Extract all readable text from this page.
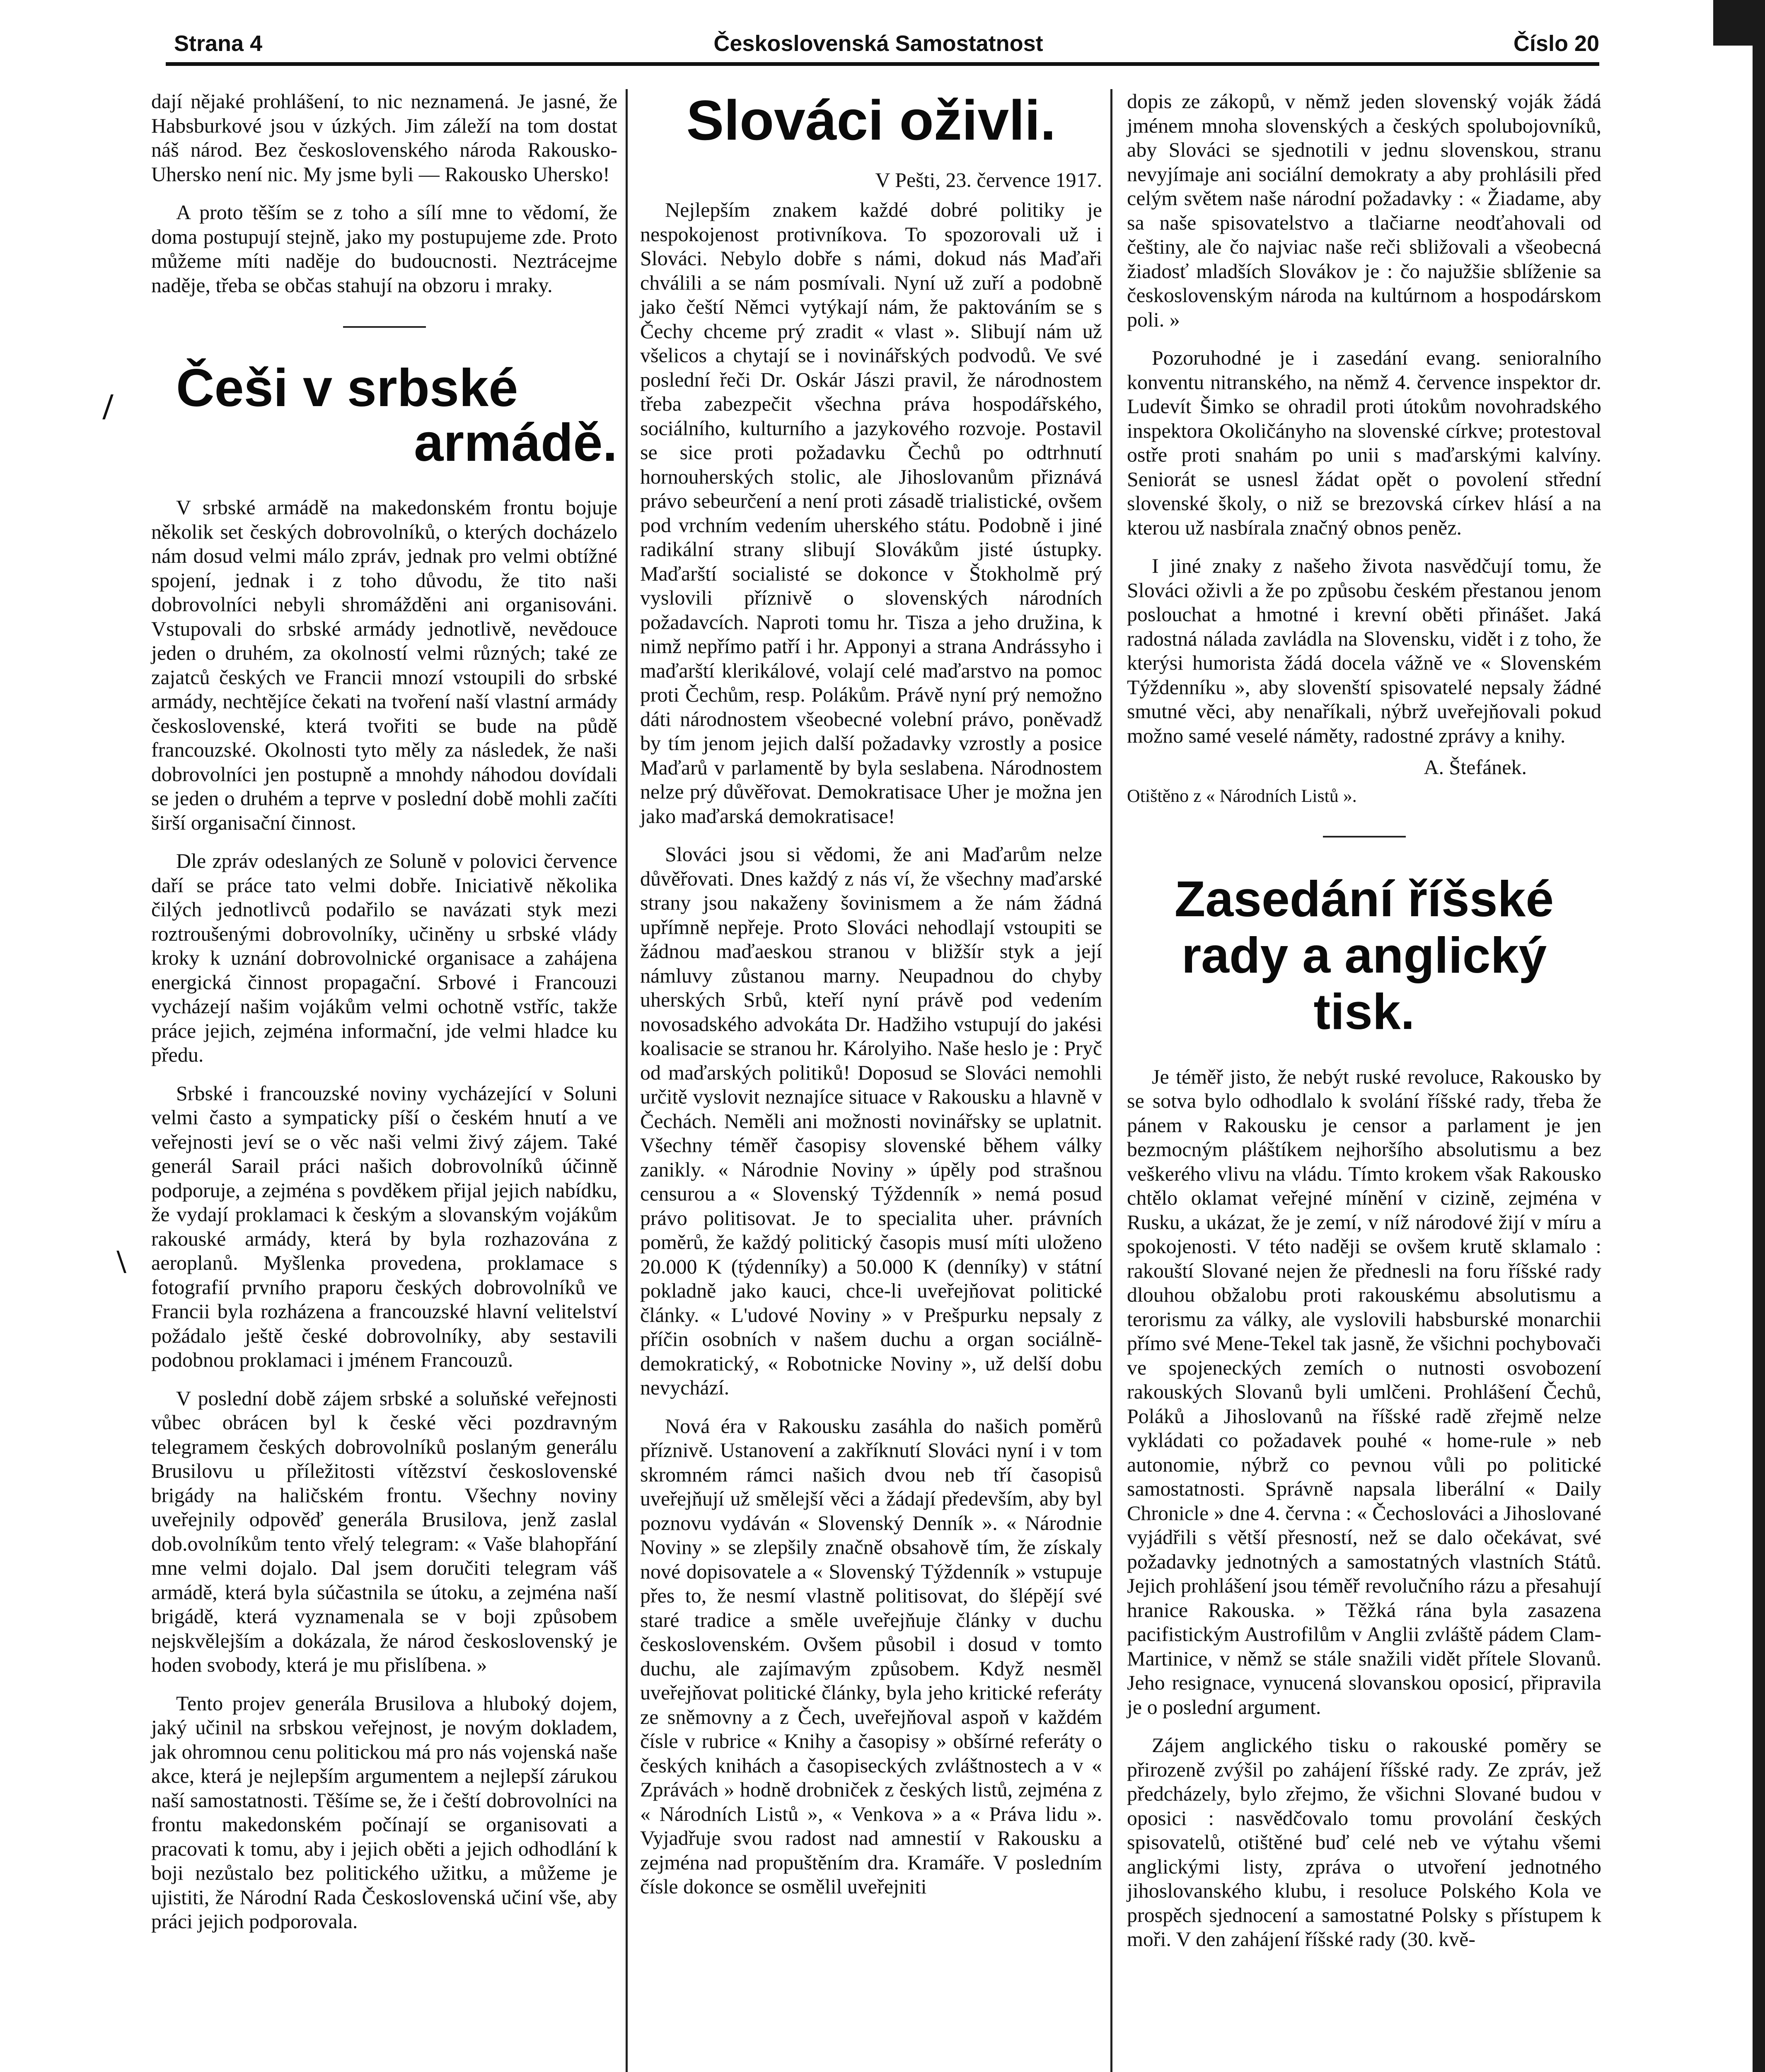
Strana 4	Československá Samostatnost	Číslo 20
/
\

dají nějaké prohlášení, to nic neznamená. Je jasné, že Habsburkové jsou v úzkých. Jim záleží na tom dostat náš národ. Bez československého národa Rakousko-Uhersko není nic. My jsme byli — Rakousko Uhersko!

A proto těším se z toho a sílí mne to vědomí, že doma postupují stejně, jako my postupujeme zde. Proto můžeme míti naděje do budoucnosti. Neztrácejme naděje, třeba se občas stahují na obzoru i mraky.

Češi v srbské
armádě.

V srbské armádě na makedonském frontu bojuje několik set českých dobrovolníků, o kterých docházelo nám dosud velmi málo zpráv, jednak pro velmi obtížné spojení, jednak i z toho důvodu, že tito naši dobrovolníci nebyli shromážděni ani organisováni. Vstupovali do srbské armády jednotlivě, nevědouce jeden o druhém, za okolností velmi různých; také ze zajatců českých ve Francii mnozí vstoupili do srbské armády, nechtějíce čekati na tvoření naší vlastní armády československé, která tvořiti se bude na půdě francouzské. Okolnosti tyto měly za následek, že naši dobrovolníci jen postupně a mnohdy náhodou dovídali se jeden o druhém a teprve v poslední době mohli začíti širší organisační činnost.

Dle zpráv odeslaných ze Soluně v polovici července daří se práce tato velmi dobře. Iniciativě několika čilých jednotlivců podařilo se navázati styk mezi roztroušenými dobrovolníky, učiněny u srbské vlády kroky k uznání dobrovolnické organisace a zahájena energická činnost propagační. Srbové i Francouzi vycházejí našim vojákům velmi ochotně vstříc, takže práce jejich, zejména informační, jde velmi hladce ku předu.

Srbské i francouzské noviny vycházející v Soluni velmi často a sympaticky píší o českém hnutí a ve veřejnosti jeví se o věc naši velmi živý zájem. Také generál Sarail práci našich dobrovolníků účinně podporuje, a zejména s povděkem přijal jejich nabídku, že vydají proklamaci k českým a slovanským vojákům rakouské armády, která by byla rozhazována z aeroplanů. Myšlenka provedena, proklamace s fotografií prvního praporu českých dobrovolníků ve Francii byla rozházena a francouzské hlavní velitelství požádalo ještě české dobrovolníky, aby sestavili podobnou proklamaci i jménem Francouzů.

V poslední době zájem srbské a soluňské veřejnosti vůbec obrácen byl k české věci pozdravným telegramem českých dobrovolníků poslaným generálu Brusilovu u příležitosti vítězství československé brigády na haličském frontu. Všechny noviny uveřejnily odpověď generála Brusilova, jenž zaslal dob.ovolníkům tento vřelý telegram: « Vaše blahopřání mne velmi dojalo. Dal jsem doručiti telegram váš armádě, která byla súčastnila se útoku, a zejména naší brigádě, která vyznamenala se v boji způsobem nejskvělejším a dokázala, že národ československý je hoden svobody, která je mu přislíbena. »

Tento projev generála Brusilova a hluboký dojem, jaký učinil na srbskou veřejnost, je novým dokladem, jak ohromnou cenu politickou má pro nás vojenská naše akce, která je nejlepším argumentem a nejlepší zárukou naší samostatnosti. Těšíme se, že i čeští dobrovolníci na frontu makedonském počínají se organisovati a pracovati k tomu, aby i jejich oběti a jejich odhodlání k boji nezůstalo bez politického užitku, a můžeme je ujistiti, že Národní Rada Československá učiní vše, aby práci jejich podporovala.

Slováci oživli.
V Pešti, 23. července 1917.

Nejlepším znakem každé dobré politiky je nespokojenost protivníkova. To spozorovali už i Slováci. Nebylo dobře s námi, dokud nás Maďaři chválili a se nám posmívali. Nyní už zuří a podobně jako čeští Němci vytýkají nám, že paktováním se s Čechy chceme prý zradit « vlast ». Slibují nám už všelicos a chytají se i novinářských podvodů. Ve své poslední řeči Dr. Oskár Jászi pravil, že národnostem třeba zabezpečit všechna práva hospodářského, sociálního, kulturního a jazykového rozvoje. Postavil se sice proti požadavku Čechů po odtrhnutí hornouherských stolic, ale Jihoslovanům přiznává právo sebeurčení a není proti zásadě trialistické, ovšem pod vrchním vedením uherského státu. Podobně i jiné radikální strany slibují Slovákům jisté ústupky. Maďarští socialisté se dokonce v Štokholmě prý vyslovili příznivě o slovenských národních požadavcích. Naproti tomu hr. Tisza a jeho družina, k nimž nepřímo patří i hr. Apponyi a strana Andrássyho i maďarští klerikálové, volají celé maďarstvo na pomoc proti Čechům, resp. Polákům. Právě nyní prý nemožno dáti národnostem všeobecné volební právo, poněvadž by tím jenom jejich další požadavky vzrostly a posice Maďarů v parlamentě by byla seslabena. Národnostem nelze prý důvěřovat. Demokratisace Uher je možna jen jako maďarská demokratisace!

Slováci jsou si vědomi, že ani Maďarům nelze důvěřovati. Dnes každý z nás ví, že všechny maďarské strany jsou nakaženy šovinismem a že nám žádná upřímně nepřeje. Proto Slováci nehodlají vstoupiti se žádnou maďaeskou stranou v bližšír styk a její námluvy zůstanou marny. Neupadnou do chyby uherských Srbů, kteří nyní právě pod vedením novosadského advokáta Dr. Hadžiho vstupují do jakési koalisacie se stranou hr. Károlyiho. Naše heslo je : Pryč od maďarských politiků! Doposud se Slováci nemohli určitě vyslovit neznajíce situace v Rakousku a hlavně v Čechách. Neměli ani možnosti novinářsky se uplatnit. Všechny téměř časopisy slovenské během války zanikly. « Národnie Noviny » úpěly pod strašnou censurou a « Slovenský Týždenník » nemá posud právo politisovat. Je to specialita uher. právních poměrů, že každý politický časopis musí míti uloženo 20.000 K (týdenníky) a 50.000 K (denníky) v státní pokladně jako kauci, chce-li uveřejňovat politické články. « L'udové Noviny » v Prešpurku nepsaly z příčin osobních v našem duchu a organ sociálně-demokratický, « Robotnicke Noviny », už delší dobu nevychází.

Nová éra v Rakousku zasáhla do našich poměrů příznivě. Ustanovení a zakříknutí Slováci nyní i v tom skromném rámci našich dvou neb tří časopisů uveřejňují už smělejší věci a žádají především, aby byl poznovu vydáván « Slovenský Denník ». « Národnie Noviny » se zlepšily značně obsahově tím, že získaly nové dopisovatele a « Slovenský Týždenník » vstupuje přes to, že nesmí vlastně politisovat, do šlépějí své staré tradice a směle uveřejňuje články v duchu československém. Ovšem působil i dosud v tomto duchu, ale zajímavým způsobem. Když nesměl uveřejňovat politické články, byla jeho kritické referáty ze sněmovny a z Čech, uveřejňoval aspoň v každém čísle v rubrice « Knihy a časopisy » obšírné referáty o českých knihách a časopiseckých zvláštnostech a v « Zprávách » hodně drobniček z českých listů, zejména z « Národních Listů », « Venkova » a « Práva lidu ». Vyjadřuje svou radost nad amnestií v Rakousku a zejména nad propuštěním dra. Kramáře. V posledním čísle dokonce se osmělil uveřejniti

dopis ze zákopů, v němž jeden slovenský voják žádá jménem mnoha slovenských a českých spolubojovníků, aby Slováci se sjednotili v jednu slovenskou, stranu nevyjímaje ani sociální demokraty a aby prohlásili před celým světem naše národní požadavky : « Žiadame, aby sa naše spisovatelstvo a tlačiarne neodťahovali od češtiny, ale čo najviac naše reči sbližovali a všeobecná žiadosť mladších Slovákov je : čo najužšie sblíženie sa československým národa na kultúrnom a hospodárskom poli. »

Pozoruhodné je i zasedání evang. senioralního konventu nitranského, na němž 4. července inspektor dr. Ludevít Šimko se ohradil proti útokům novohradského inspektora Okoličányho na slovenské církve; protestoval ostře proti snahám po unii s maďarskými kalvíny. Seniorát se usnesl žádat opět o povolení střední slovenské školy, o niž se brezovská církev hlásí a na kterou už nasbírala značný obnos peněz.

I jiné znaky z našeho života nasvědčují tomu, že Slováci oživli a že po způsobu českém přestanou jenom poslouchat a hmotné i krevní oběti přinášet. Jaká radostná nálada zavládla na Slovensku, vidět i z toho, že kterýsi humorista žádá docela vážně ve « Slovenském Týždenníku », aby slovenští spisovatelé nepsaly žádné smutné věci, aby nenaříkali, nýbrž uveřejňovali pokud možno samé veselé náměty, radostné zprávy a knihy.

A. Štefánek.
Otištěno z « Národních Listů ».
Zasedání říšské rady a anglický tisk.

Je téměř jisto, že nebýt ruské revoluce, Rakousko by se sotva bylo odhodlalo k svolání říšské rady, třeba že pánem v Rakousku je censor a parlament je jen bezmocným pláštíkem nejhoršího absolutismu a bez veškerého vlivu na vládu. Tímto krokem však Rakousko chtělo oklamat veřejné mínění v cizině, zejména v Rusku, a ukázat, že je zemí, v níž národové žijí v míru a spokojenosti. V této naději se ovšem krutě sklamalo : rakouští Slované nejen že přednesli na foru říšské rady dlouhou obžalobu proti rakouskému absolutismu a terorismu za války, ale vyslovili habsburské monarchii přímo své Mene-Tekel tak jasně, že všichni pochybovači ve spojeneckých zemích o nutnosti osvobození rakouských Slovanů byli umlčeni. Prohlášení Čechů, Poláků a Jihoslovanů na říšské radě zřejmě nelze vykládati co požadavek pouhé « home-rule » neb autonomie, nýbrž co pevnou vůli po politické samostatnosti. Správně napsala liberální « Daily Chronicle » dne 4. června : « Čechoslováci a Jihoslované vyjádřili s větší přesností, než se dalo očekávat, své požadavky jednotných a samostatných vlastních Států. Jejich prohlášení jsou téměř revolučního rázu a přesahují hranice Rakouska. » Těžká rána byla zasazena pacifistickým Austrofilům v Anglii zvláště pádem Clam-Martinice, v němž se stále snažili vidět přítele Slovanů. Jeho resignace, vynucená slovanskou oposicí, připravila je o poslední argument.

Zájem anglického tisku o rakouské poměry se přirozeně zvýšil po zahájení říšské rady. Ze zpráv, jež předcházely, bylo zřejmo, že všichni Slované budou v oposici : nasvědčovalo tomu provolání českých spisovatelů, otištěné buď celé neb ve výtahu všemi anglickými listy, zpráva o utvoření jednotného jihoslovanského klubu, i resoluce Polského Kola ve prospěch sjednocení a samostatné Polsky s přístupem k moři. V den zahájení říšské rady (30. kvě-
